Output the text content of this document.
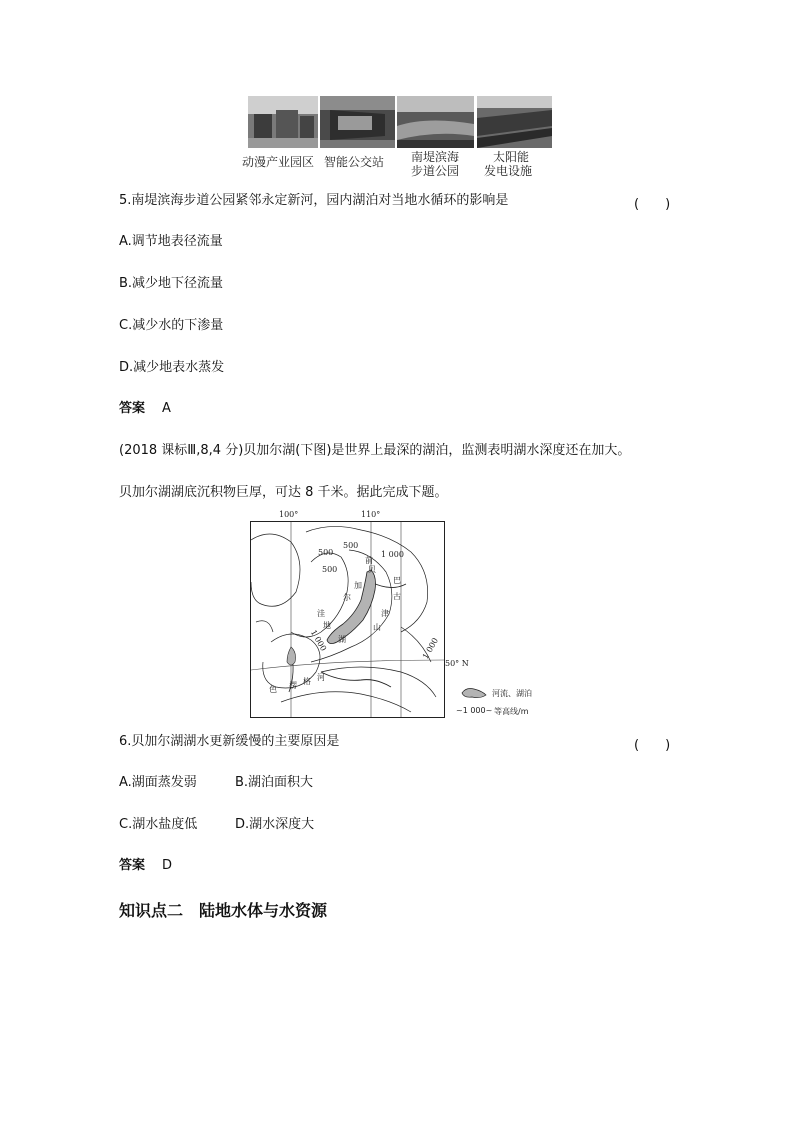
动漫产业园区 智能公交站 南堤滨海
步道公园
太阳能
发电设施
5.南堤滨海步道公园紧邻永定新河，园内湖泊对当地水循环的影响是	(　　)
A.调节地表径流量
B.减少地下径流量
C.减少水的下渗量
D.减少地表水蒸发
答案 A
(2018 课标Ⅲ,8,4 分)贝加尔湖(下图)是世界上最深的湖泊，监测表明湖水深度还在加大。
贝加尔湖湖底沉积物巨厚，可达 8 千米。据此完成下题。
100°	110°
50° N
500
500
500
1 000
1 000	1 000
前
贝
巴
加
尔	古
湖
洼
地
津
山
色 楞 格 河
河流、湖泊
~1 000~ 等高线/m
6.贝加尔湖湖水更新缓慢的主要原因是	(　　)
A.湖面蒸发弱	B.湖泊面积大
C.湖水盐度低	D.湖水深度大
答案 D
知识点二　陆地水体与水资源
